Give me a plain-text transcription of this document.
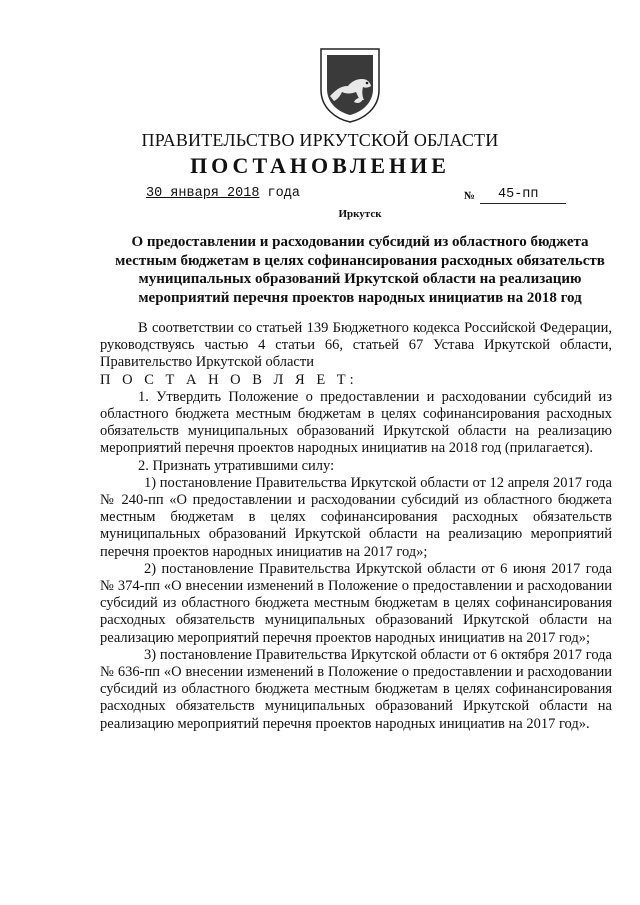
ПРАВИТЕЛЬСТВО ИРКУТСКОЙ ОБЛАСТИ
ПОСТАНОВЛЕНИЕ
30 января 2018 года	№	45-пп
Иркутск
О предоставлении и расходовании субсидий из областного бюджета местным бюджетам в целях софинансирования расходных обязательств муниципальных образований Иркутской области на реализацию мероприятий перечня проектов народных инициатив на 2018 год

В соответствии со статьей 139 Бюджетного кодекса Российской Федерации, руководствуясь частью 4 статьи 66, статьей 67 Устава Иркутской области, Правительство Иркутской области

П О С Т А Н О В Л Я Е Т:

1. Утвердить Положение о предоставлении и расходовании субсидий из областного бюджета местным бюджетам в целях софинансирования расходных обязательств муниципальных образований Иркутской области на реализацию мероприятий перечня проектов народных инициатив на 2018 год (прилагается).

2. Признать утратившими силу:

1) постановление Правительства Иркутской области от 12 апреля 2017 года № 240-пп «О предоставлении и расходовании субсидий из областного бюджета местным бюджетам в целях софинансирования расходных обязательств муниципальных образований Иркутской области на реализацию мероприятий перечня проектов народных инициатив на 2017 год»;

2) постановление Правительства Иркутской области от 6 июня 2017 года № 374-пп «О внесении изменений в Положение о предоставлении и расходовании субсидий из областного бюджета местным бюджетам в целях софинансирования расходных обязательств муниципальных образований Иркутской области на реализацию мероприятий перечня проектов народных инициатив на 2017 год»;

3) постановление Правительства Иркутской области от 6 октября 2017 года № 636-пп «О внесении изменений в Положение о предоставлении и расходовании субсидий из областного бюджета местным бюджетам в целях софинансирования расходных обязательств муниципальных образований Иркутской области на реализацию мероприятий перечня проектов народных инициатив на 2017 год».
